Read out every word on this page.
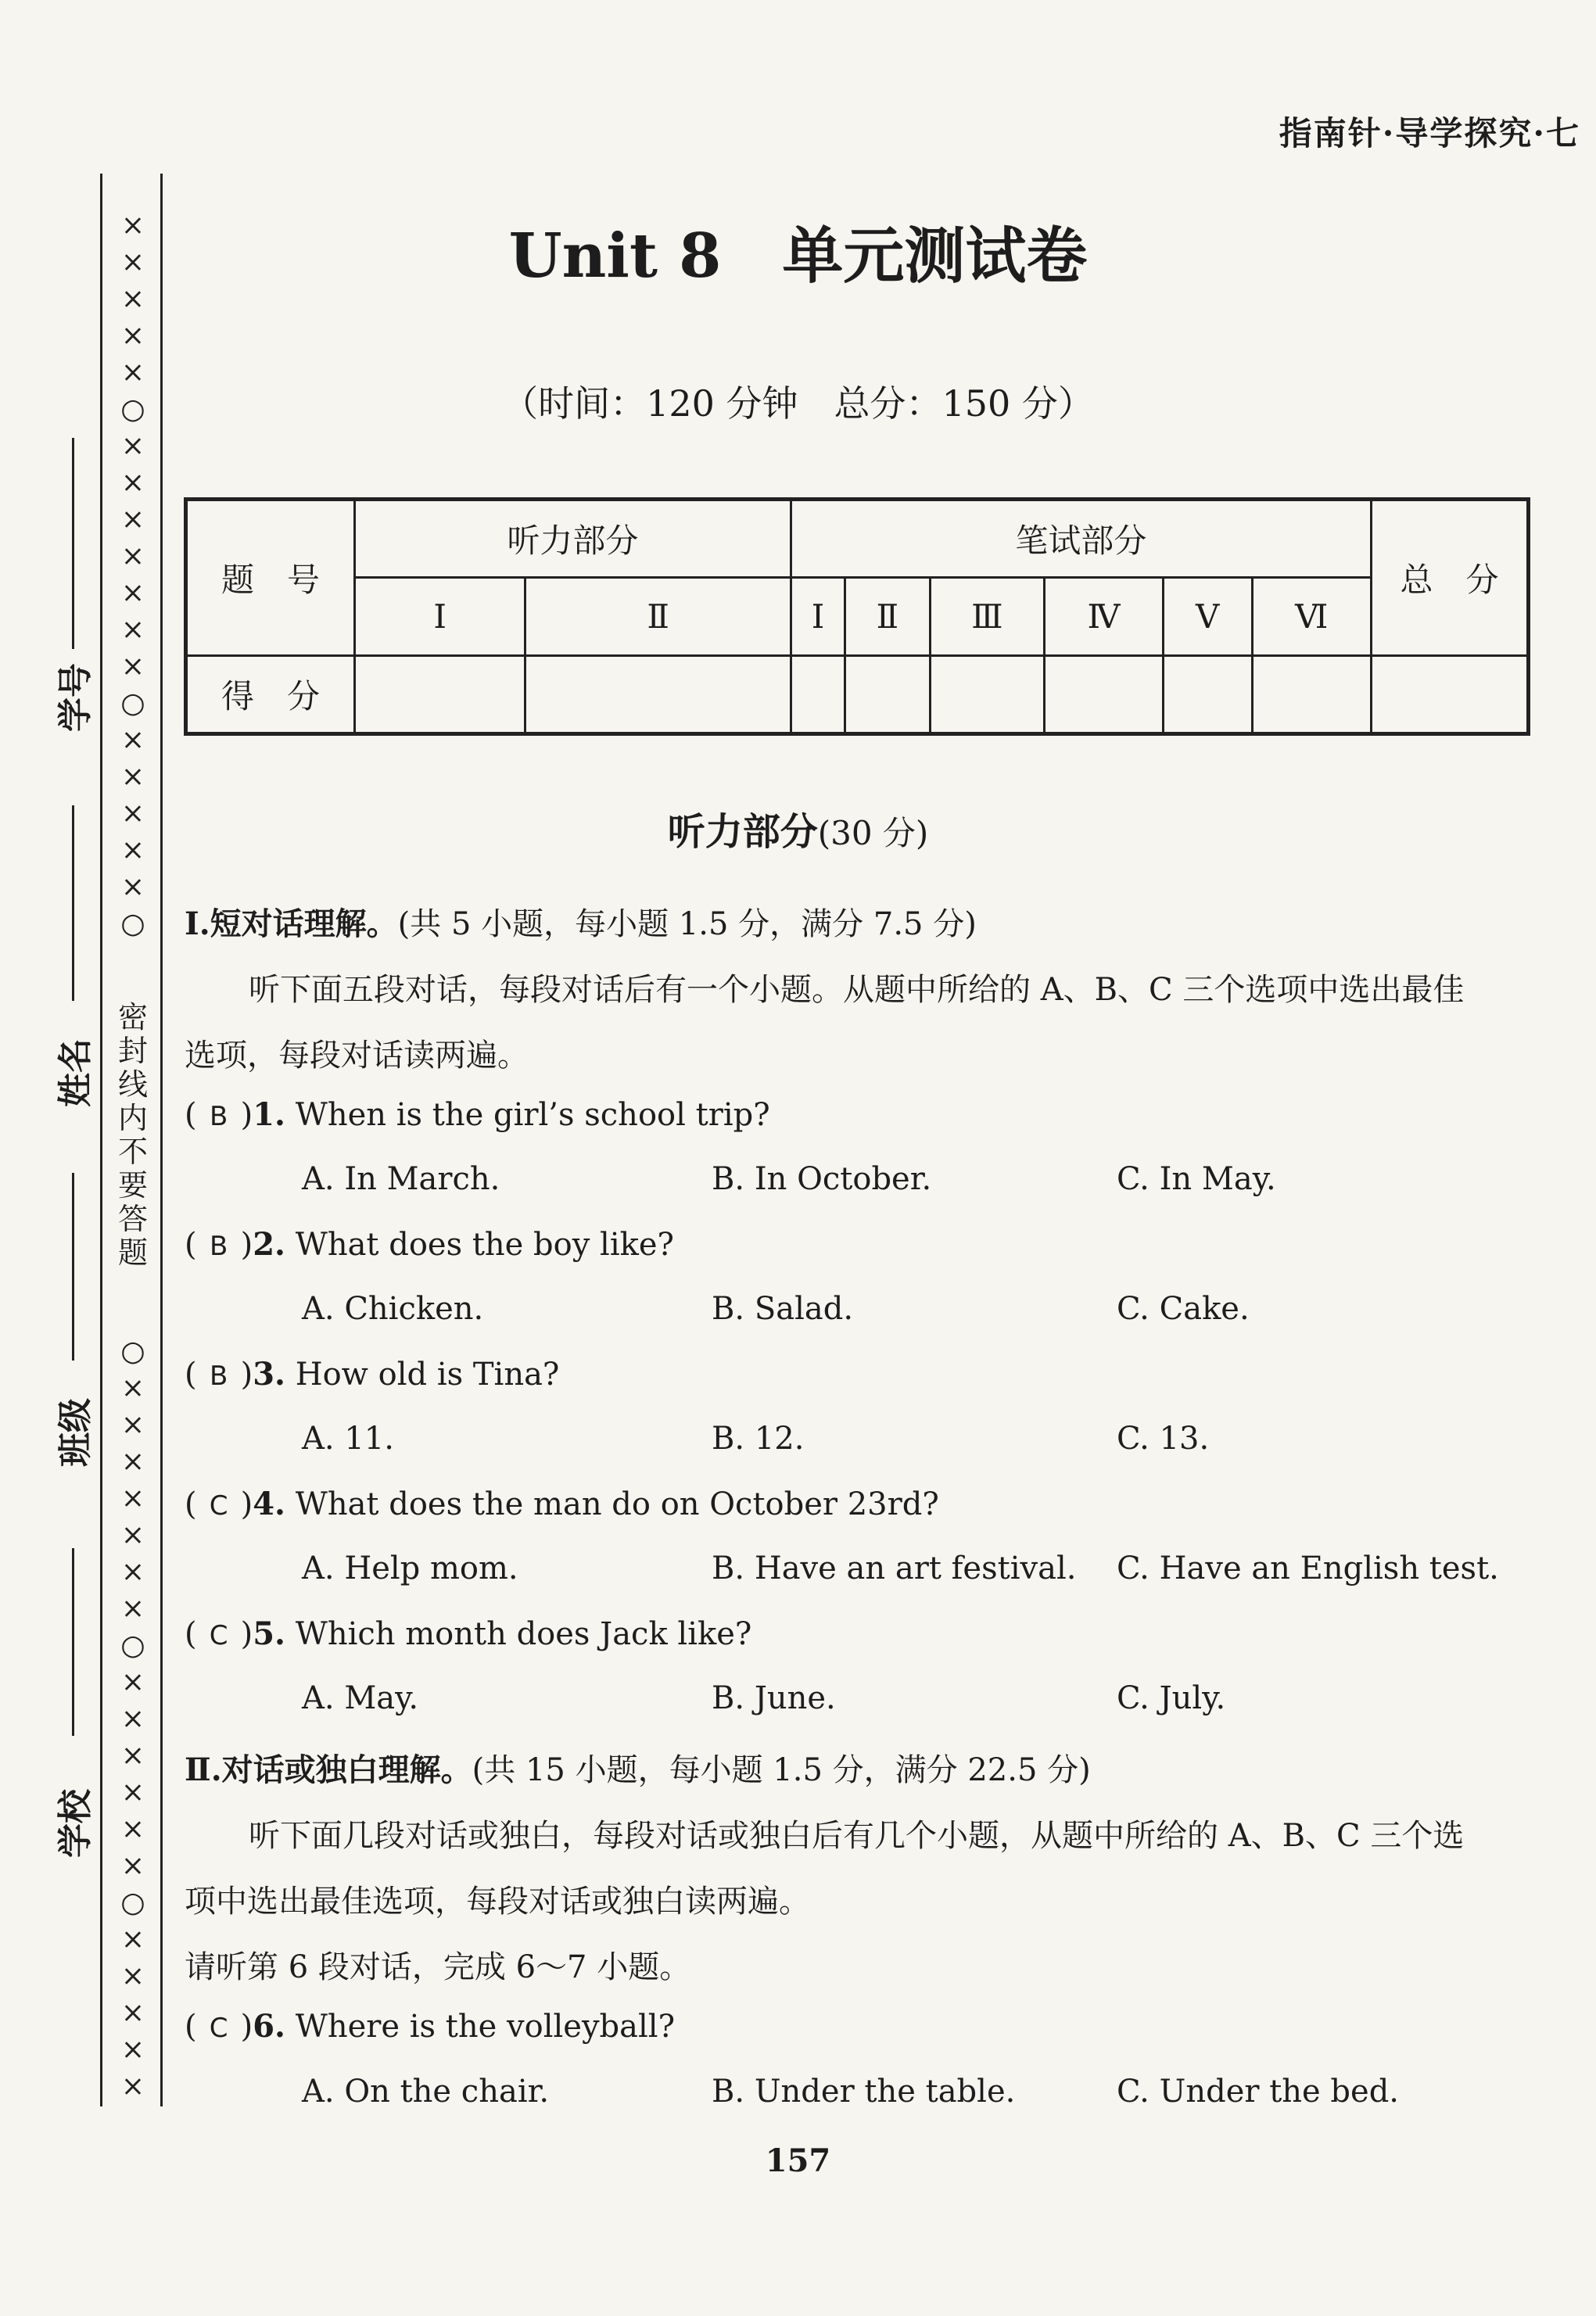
指南针·导学探究·七
×
×
×
×
×
○
×
×
×
×
×
×
×
○
×
×
×
×
×
○
密
封
线
内
不
要
答
题
○
×
×
×
×
×
×
×
○
×
×
×
×
×
×
○
×
×
×
×
×
学号
姓名
班级
学校
Unit 8　单元测试卷
（时间：120 分钟　总分：150 分）
题　号	听力部分		笔试部分						总　分
	Ⅰ	Ⅱ	Ⅰ	Ⅱ	Ⅲ	Ⅳ	Ⅴ	Ⅵ	
得　分									
听力部分(30 分)
Ⅰ.短对话理解。(共 5 小题，每小题 1.5 分，满分 7.5 分)
听下面五段对话，每段对话后有一个小题。从题中所给的 A、B、C 三个选项中选出最佳
选项，每段对话读两遍。
( B )1. When is the girl’s school trip?
A. In March.	B. In October.	C. In May.
( B )2. What does the boy like?
A. Chicken.	B. Salad.	C. Cake.
( B )3. How old is Tina?
A. 11.	B. 12.	C. 13.
( C )4. What does the man do on October 23rd?
A. Help mom.	B. Have an art festival. C. Have an English test.
( C )5. Which month does Jack like?
A. May.	B. June.	C. July.
Ⅱ.对话或独白理解。(共 15 小题，每小题 1.5 分，满分 22.5 分)
听下面几段对话或独白，每段对话或独白后有几个小题，从题中所给的 A、B、C 三个选
项中选出最佳选项，每段对话或独白读两遍。
请听第 6 段对话，完成 6～7 小题。
( C )6. Where is the volleyball?
A. On the chair.	B. Under the table.	C. Under the bed.
157
